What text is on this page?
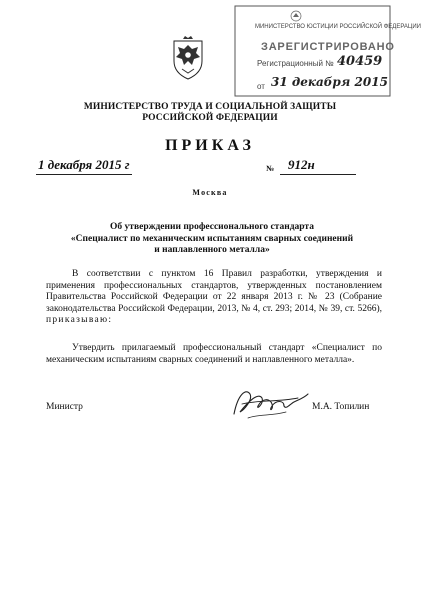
МИНИСТЕРСТВО ЮСТИЦИИ РОССИЙСКОЙ ФЕДЕРАЦИИ
ЗАРЕГИСТРИРОВАНО
Регистрационный № 40459
от 31 декабря 2015
МИНИСТЕРСТВО ТРУДА И СОЦИАЛЬНОЙ ЗАЩИТЫ
РОССИЙСКОЙ ФЕДЕРАЦИИ
ПРИКАЗ
1 декабря 2015 г	№ 912н
Москва
Об утверждении профессионального стандарта
«Специалист по механическим испытаниям сварных соединений
и наплавленного металла»
В соответствии с пунктом 16 Правил разработки, утверждения и применения профессиональных стандартов, утвержденных постановлением Правительства Российской Федерации от 22 января 2013 г. № 23 (Собрание законодательства Российской Федерации, 2013, № 4, ст. 293; 2014, № 39, ст. 5266), приказываю:
Утвердить прилагаемый профессиональный стандарт «Специалист по механическим испытаниям сварных соединений и наплавленного металла».
Министр	М.А. Топилин
